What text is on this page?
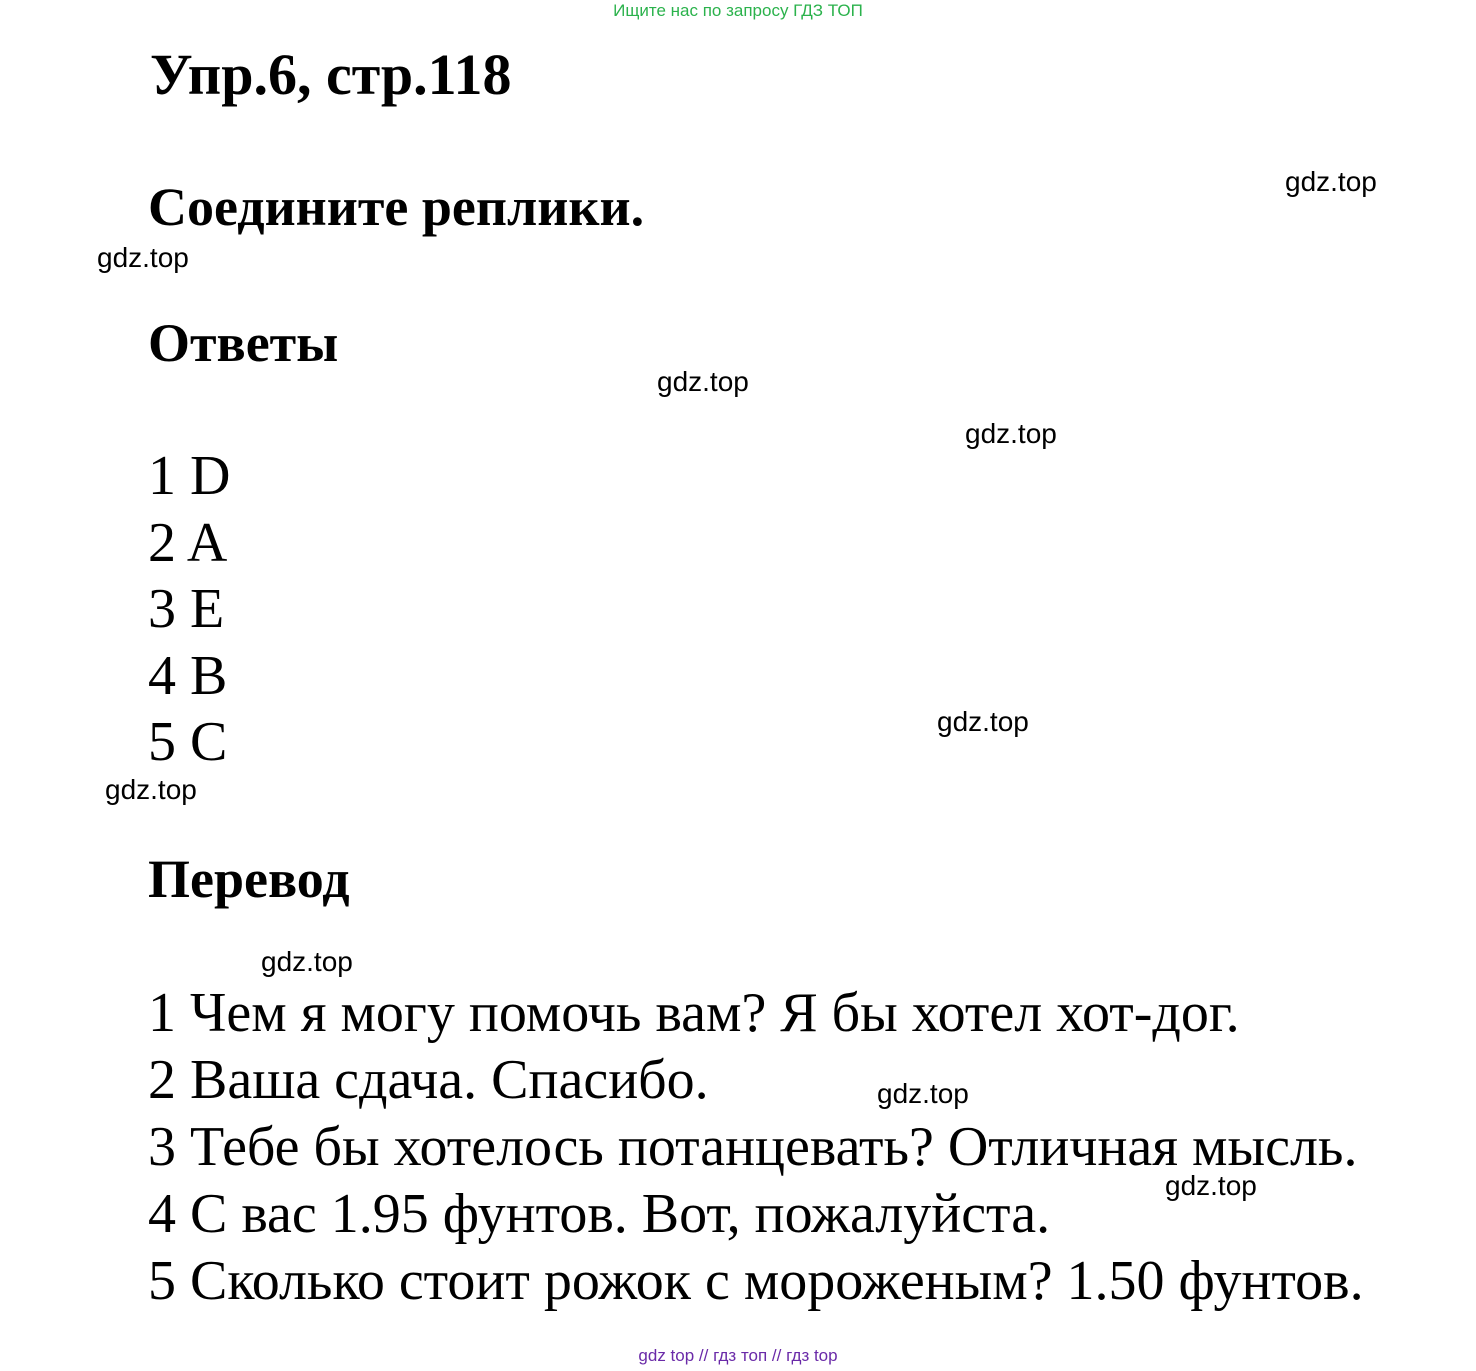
Ищите нас по запросу ГДЗ ТОП
Упр.6, стр.118
Соедините реплики.
Ответы
1 D
2 A
3 E
4 B
5 C
Перевод
1 Чем я могу помочь вам? Я бы хотел хот-дог.
2 Ваша сдача. Спасибо.
3 Тебе бы хотелось потанцевать? Отличная мысль.
4 С вас 1.95 фунтов. Вот, пожалуйста.
5 Сколько стоит рожок с мороженым? 1.50 фунтов.
gdz.top
gdz.top
gdz.top
gdz.top
gdz.top
gdz.top
gdz.top
gdz.top
gdz.top
gdz top // гдз топ // гдз top
